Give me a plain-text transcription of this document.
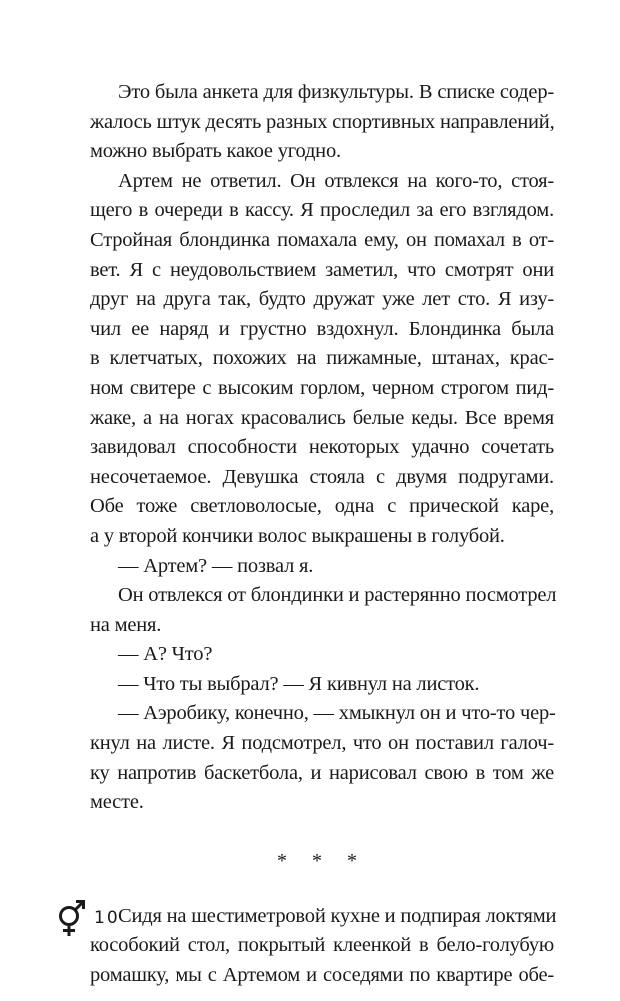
Это была анкета для физкультуры. В списке содер-
жалось штук десять разных спортивных направлений,
можно выбрать какое угодно.
Артем не ответил. Он отвлекся на кого-то, стоя-
щего в очереди в кассу. Я проследил за его взглядом.
Стройная блондинка помахала ему, он помахал в от-
вет. Я с неудовольствием заметил, что смотрят они
друг на друга так, будто дружат уже лет сто. Я изу-
чил ее наряд и грустно вздохнул. Блондинка была
в клетчатых, похожих на пижамные, штанах, крас-
ном свитере с высоким горлом, черном строгом пид-
жаке, а на ногах красовались белые кеды. Все время
завидовал способности некоторых удачно сочетать
несочетаемое. Девушка стояла с двумя подругами.
Обе тоже светловолосые, одна с прической каре,
а у второй кончики волос выкрашены в голубой.
— Артем? — позвал я.
Он отвлекся от блондинки и растерянно посмотрел
на меня.
— А? Что?
— Что ты выбрал? — Я кивнул на листок.
— Аэробику, конечно, — хмыкнул он и что-то чер-
кнул на листе. Я подсмотрел, что он поставил галоч-
ку напротив баскетбола, и нарисовал свою в том же
месте.
* * *
Сидя на шестиметровой кухне и подпирая локтями
кособокий стол, покрытый клеенкой в бело-голубую
ромашку, мы с Артемом и соседями по квартире обе-
10
